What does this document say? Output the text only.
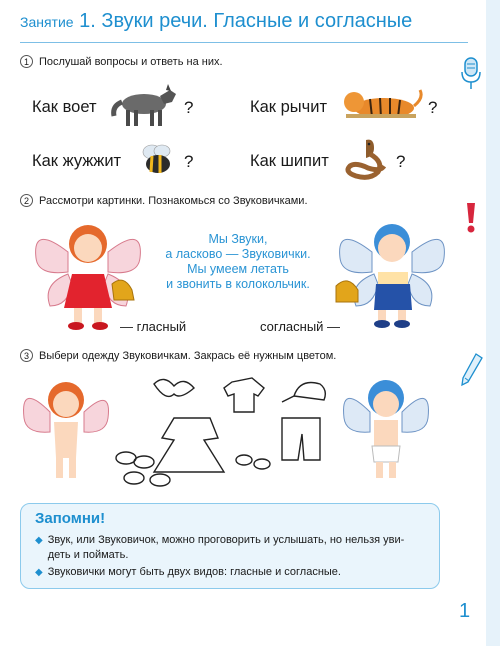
Занятие 1. Звуки речи. Гласные и согласные
1 Послушай вопросы и ответь на них.
Как воет	?	Как рычит	?
Как жужжит	?	Как шипит	?
2 Рассмотри картинки. Познакомься со Звуковичками.
Мы Звуки,
а ласково — Звуковички.
Мы умеем летать
и звонить в колокольчик.
— гласный	согласный —
3 Выбери одежду Звуковичкам. Закрась её нужным цветом.
Запомни!
◆ Звук, или Звуковичок, можно проговорить и услышать, но нельзя уви-
деть и поймать.
◆ Звуковички могут быть двух видов: гласные и согласные.
1
